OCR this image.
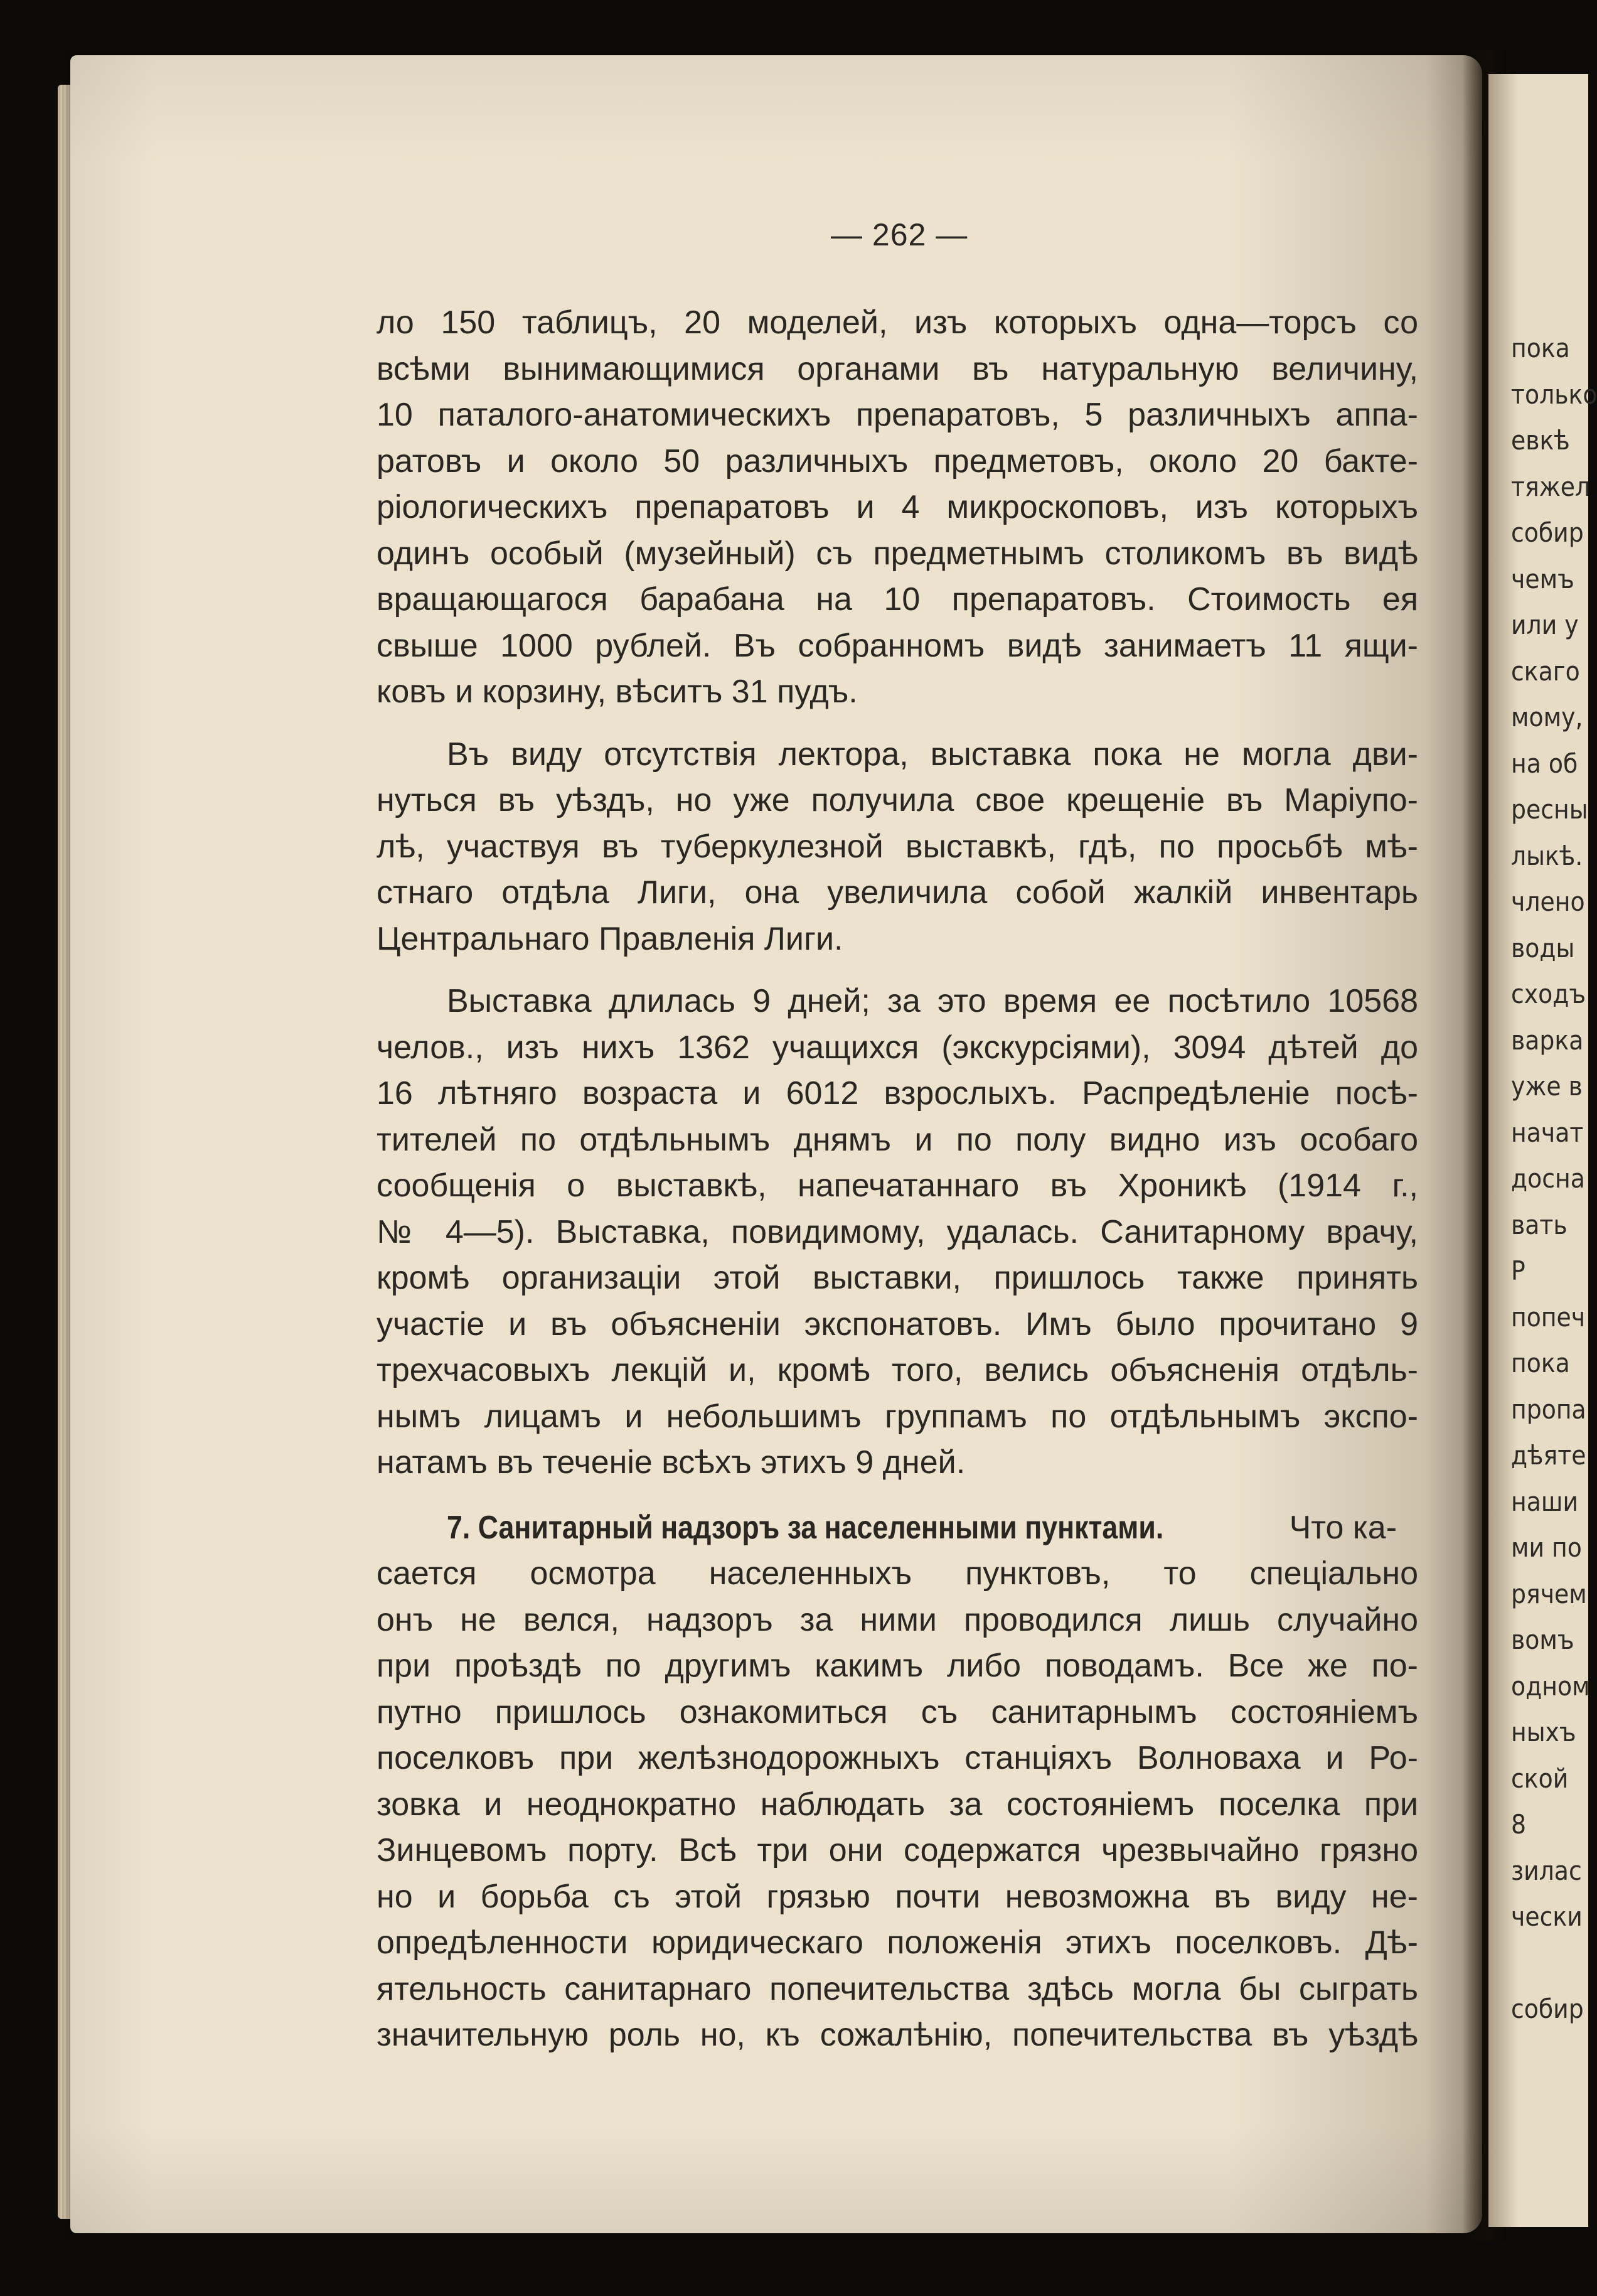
пока
только
евкѣ
тяжел
собир
чемъ
или у
скаго
мому,
на об
ресны
лыкѣ.
члено
воды
сходъ
варка
уже в
начат
досна
вать
Р
попеч
пока
пропа
дѣяте
наши
ми по
рячем
вомъ
одном
ныхъ
ской
8
зилас
чески
собир
— 262 —
ло 150 таблицъ, 20 моделей, изъ которыхъ одна—торсъ со
всѣми вынимающимися органами въ натуральную величину,
10 паталого-анатомическихъ препаратовъ, 5 различныхъ аппа-
ратовъ и около 50 различныхъ предметовъ, около 20 бакте-
ріологическихъ препаратовъ и 4 микроскоповъ, изъ которыхъ
одинъ особый (музейный) съ предметнымъ столикомъ въ видѣ
вращающагося барабана на 10 препаратовъ. Стоимость ея
свыше 1000 рублей. Въ собранномъ видѣ занимаетъ 11 ящи-
ковъ и корзину, вѣситъ 31 пудъ.
Въ виду отсутствія лектора, выставка пока не могла дви-
нуться въ уѣздъ, но уже получила свое крещеніе въ Маріупо-
лѣ, участвуя въ туберкулезной выставкѣ, гдѣ, по просьбѣ мѣ-
стнаго отдѣла Лиги, она увеличила собой жалкій инвентарь
Центральнаго Правленія Лиги.
Выставка длилась 9 дней; за это время ее посѣтило 10568
челов., изъ нихъ 1362 учащихся (экскурсіями), 3094 дѣтей до
16 лѣтняго возраста и 6012 взрослыхъ. Распредѣленіе посѣ-
тителей по отдѣльнымъ днямъ и по полу видно изъ особаго
сообщенія о выставкѣ, напечатаннаго въ Хроникѣ (1914 г.,
№ 4—5). Выставка, повидимому, удалась. Санитарному врачу,
кромѣ организаціи этой выставки, пришлось также принять
участіе и въ объясненіи экспонатовъ. Имъ было прочитано 9
трехчасовыхъ лекцій и, кромѣ того, велись объясненія отдѣль-
нымъ лицамъ и небольшимъ группамъ по отдѣльнымъ экспо-
натамъ въ теченіе всѣхъ этихъ 9 дней.
7. Санитарный надзоръ за населенными пунктами.	Что ка-
сается осмотра населенныхъ пунктовъ, то спеціально
онъ не велся, надзоръ за ними проводился лишь случайно
при проѣздѣ по другимъ какимъ либо поводамъ. Все же по-
путно пришлось ознакомиться съ санитарнымъ состояніемъ
поселковъ при желѣзнодорожныхъ станціяхъ Волноваха и Ро-
зовка и неоднократно наблюдать за состояніемъ поселка при
Зинцевомъ порту. Всѣ три они содержатся чрезвычайно грязно
но и борьба съ этой грязью почти невозможна въ виду не-
опредѣленности юридическаго положенія этихъ поселковъ. Дѣ-
ятельность санитарнаго попечительства здѣсь могла бы сыграть
значительную роль но, къ сожалѣнію, попечительства въ уѣздѣ
